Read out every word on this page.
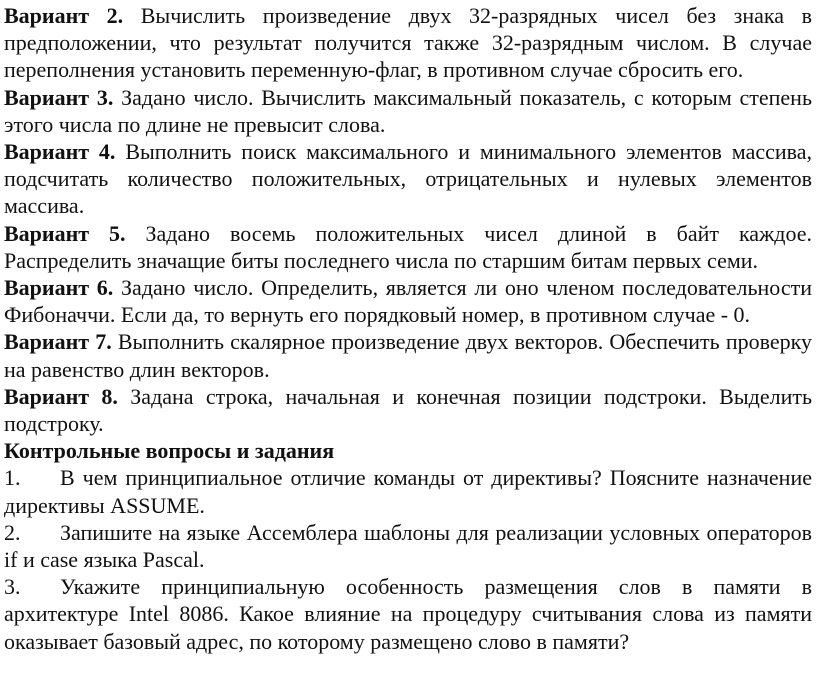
Вариант 2. Вычислить произведение двух 32-разрядных чисел без знака в предположении, что результат получится также 32-разрядным числом. В случае переполнения установить переменную-флаг, в противном случае сбросить его.

Вариант 3. Задано число. Вычислить максимальный показатель, с которым степень этого числа по длине не превысит слова.

Вариант 4. Выполнить поиск максимального и минимального элементов массива, подсчитать количество положительных, отрицательных и нулевых элементов массива.

Вариант 5. Задано восемь положительных чисел длиной в байт каждое. Распределить значащие биты последнего числа по старшим битам первых семи.

Вариант 6. Задано число. Определить, является ли оно членом последовательности Фибоначчи. Если да, то вернуть его порядковый номер, в противном случае - 0.

Вариант 7. Выполнить скалярное произведение двух векторов. Обеспечить проверку на равенство длин векторов.

Вариант 8. Задана строка, начальная и конечная позиции подстроки. Выделить подстроку.

Контрольные вопросы и задания

1. В чем принципиальное отличие команды от директивы? Поясните назначение директивы ASSUME.

2. Запишите на языке Ассемблера шаблоны для реализации условных операторов if и case языка Pascal.

3. Укажите принципиальную особенность размещения слов в памяти в архитектуре Intel 8086. Какое влияние на процедуру считывания слова из памяти оказывает базовый адрес, по которому размещено слово в памяти?
